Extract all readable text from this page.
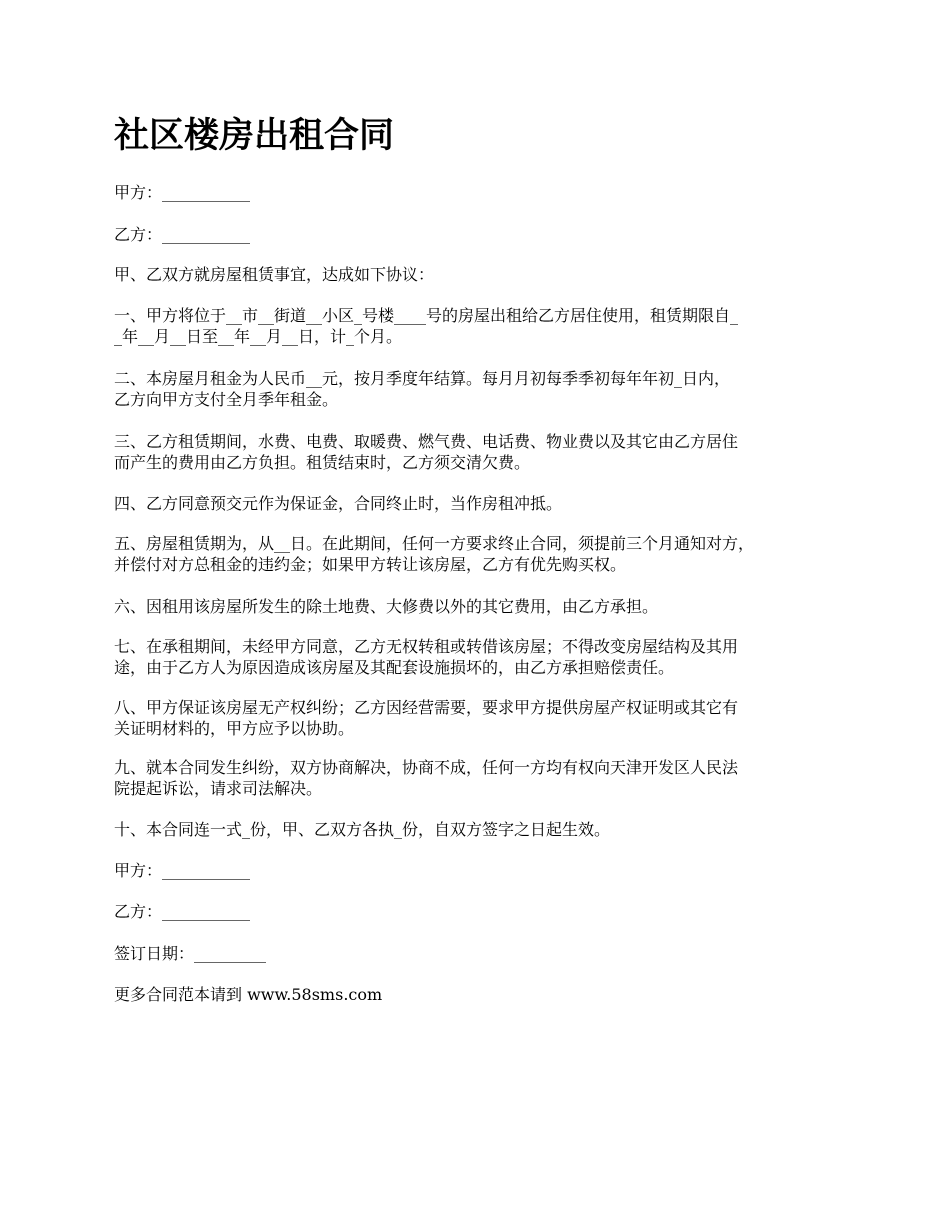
社区楼房出租合同

甲方：___________

乙方：___________

甲、乙双方就房屋租赁事宜，达成如下协议：

一、甲方将位于__市__街道__小区_号楼____号的房屋出租给乙方居住使用，租赁期限自_
_年__月__日至__年__月__日，计_个月。
二、本房屋月租金为人民币__元，按月季度年结算。每月月初每季季初每年年初_日内，
乙方向甲方支付全月季年租金。
三、乙方租赁期间，水费、电费、取暖费、燃气费、电话费、物业费以及其它由乙方居住
而产生的费用由乙方负担。租赁结束时，乙方须交清欠费。
四、乙方同意预交元作为保证金，合同终止时，当作房租冲抵。
五、房屋租赁期为，从__日。在此期间，任何一方要求终止合同，须提前三个月通知对方，
并偿付对方总租金的违约金；如果甲方转让该房屋，乙方有优先购买权。
六、因租用该房屋所发生的除土地费、大修费以外的其它费用，由乙方承担。
七、在承租期间，未经甲方同意，乙方无权转租或转借该房屋；不得改变房屋结构及其用
途，由于乙方人为原因造成该房屋及其配套设施损坏的，由乙方承担赔偿责任。
八、甲方保证该房屋无产权纠纷；乙方因经营需要，要求甲方提供房屋产权证明或其它有
关证明材料的，甲方应予以协助。
九、就本合同发生纠纷，双方协商解决，协商不成，任何一方均有权向天津开发区人民法
院提起诉讼，请求司法解决。
十、本合同连一式_份，甲、乙双方各执_份，自双方签字之日起生效。

甲方：___________

乙方：___________

签订日期：_________

更多合同范本请到 www.58sms.com
